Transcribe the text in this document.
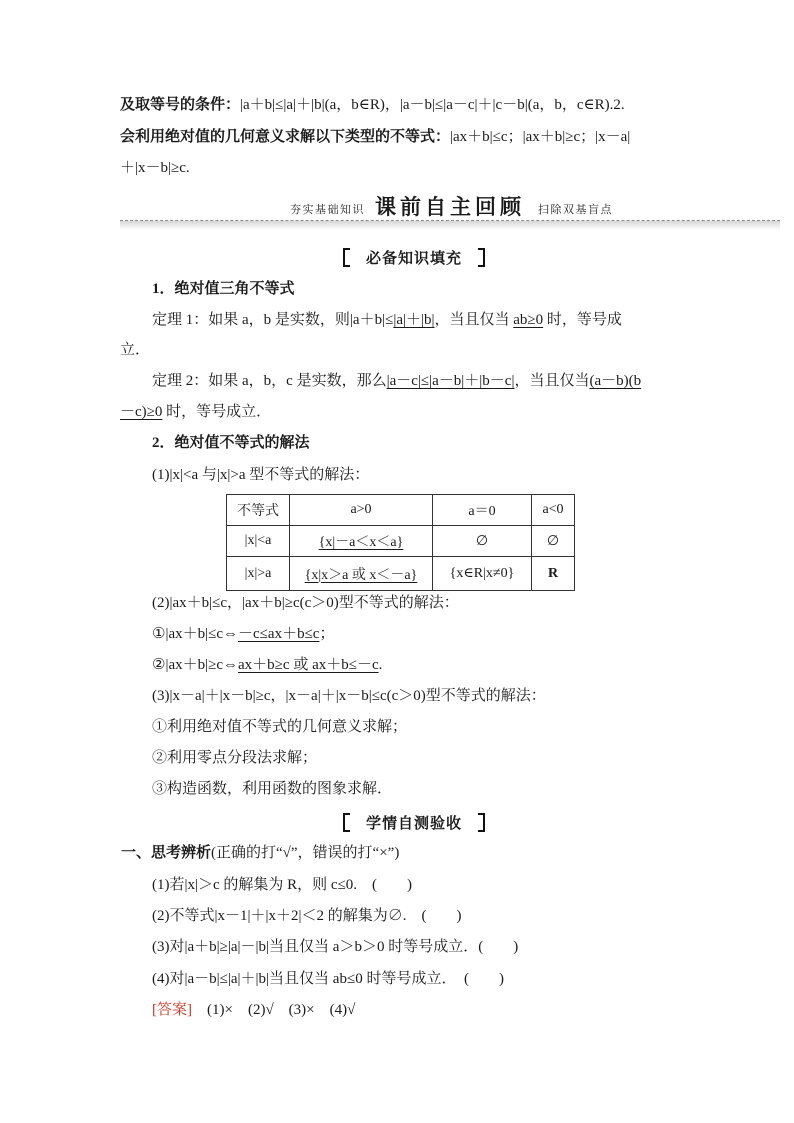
及取等号的条件：|a＋b|≤|a|＋|b|(a，b∈R)，|a－b|≤|a－c|＋|c－b|(a，b，c∈R).2.
会利用绝对值的几何意义求解以下类型的不等式：|ax＋b|≤c；|ax＋b|≥c；|x－a|
＋|x－b|≥c.
夯实基础知识 课前自主回顾 扫除双基盲点
必备知识填充
1．绝对值三角不等式
定理 1：如果 a，b 是实数，则|a＋b|≤|a|＋|b|，当且仅当 ab≥0 时，等号成
立．
定理 2：如果 a，b，c 是实数，那么|a－c|≤|a－b|＋|b－c|，当且仅当(a－b)(b
－c)≥0 时，等号成立．
2．绝对值不等式的解法
(1)|x|<a 与|x|>a 型不等式的解法：
不等式	a>0	a＝0	a<0
|x|<a	{x|－a＜x＜a}	∅	∅
|x|>a	{x|x＞a 或 x＜－a}	{x∈R|x≠0}	R
(2)|ax＋b|≤c，|ax＋b|≥c(c＞0)型不等式的解法：
①|ax＋b|≤c⇔－c≤ax＋b≤c；
②|ax＋b|≥c⇔ax＋b≥c 或 ax＋b≤－c.
(3)|x－a|＋|x－b|≥c，|x－a|＋|x－b|≤c(c＞0)型不等式的解法：
①利用绝对值不等式的几何意义求解；
②利用零点分段法求解；
③构造函数，利用函数的图象求解．
学情自测验收
一、思考辨析(正确的打“√”，错误的打“×”)
(1)若|x|＞c 的解集为 R，则 c≤0.　(　　)
(2)不等式|x－1|＋|x＋2|＜2 的解集为∅.　(　　)
(3)对|a＋b|≥|a|－|b|当且仅当 a＞b＞0 时等号成立．(　　)
(4)对|a－b|≤|a|＋|b|当且仅当 ab≤0 时等号成立．　(　　)
[答案]　(1)×　(2)√　(3)×　(4)√
